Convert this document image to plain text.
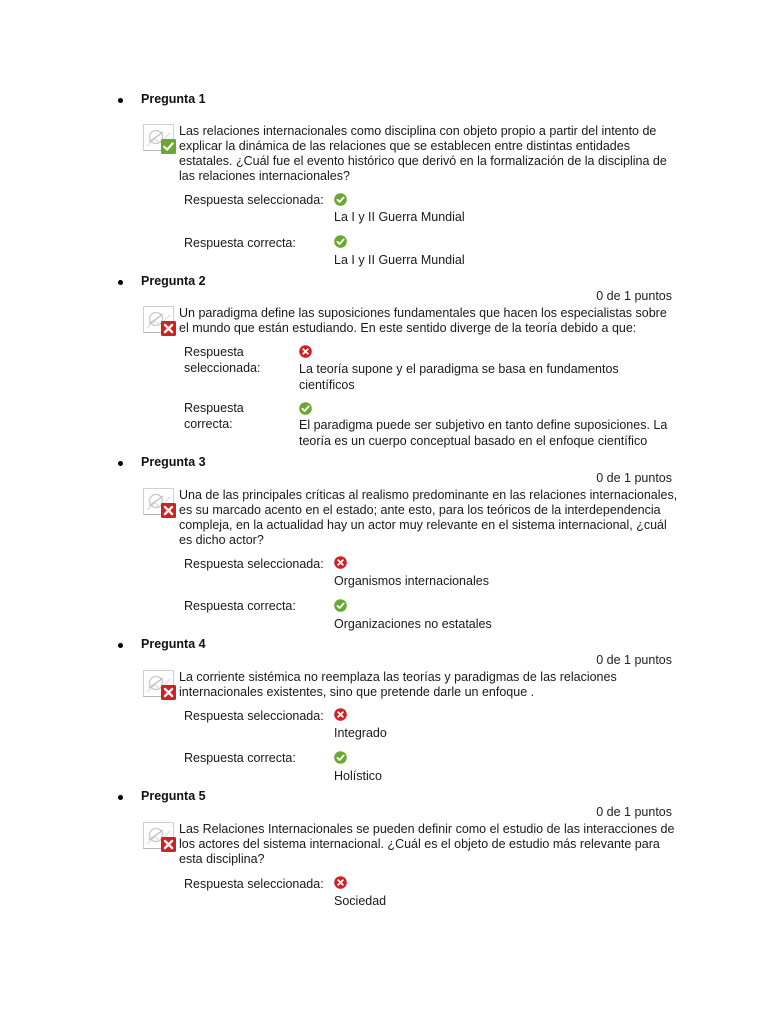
Pregunta 1
Las relaciones internacionales como disciplina con objeto propio a partir del intento de
explicar la dinámica de las relaciones que se establecen entre distintas entidades
estatales. ¿Cuál fue el evento histórico que derivó en la formalización de la disciplina de
las relaciones internacionales?
Respuesta seleccionada:
La I y II Guerra Mundial
Respuesta correcta:
La I y II Guerra Mundial
Pregunta 2
0 de 1 puntos
Un paradigma define las suposiciones fundamentales que hacen los especialistas sobre
el mundo que están estudiando. En este sentido diverge de la teoría debido a que:
Respuesta
seleccionada:	La teoría supone y el paradigma se basa en fundamentos
científicos
Respuesta
correcta:	El paradigma puede ser subjetivo en tanto define suposiciones. La
teoría es un cuerpo conceptual basado en el enfoque científico
Pregunta 3
0 de 1 puntos
Una de las principales críticas al realismo predominante en las relaciones internacionales,
es su marcado acento en el estado; ante esto, para los teóricos de la interdependencia
compleja, en la actualidad hay un actor muy relevante en el sistema internacional, ¿cuál
es dicho actor?
Respuesta seleccionada:
Organismos internacionales
Respuesta correcta:
Organizaciones no estatales
Pregunta 4
0 de 1 puntos
La corriente sistémica no reemplaza las teorías y paradigmas de las relaciones
internacionales existentes, sino que pretende darle un enfoque .
Respuesta seleccionada:
Integrado
Respuesta correcta:
Holístico
Pregunta 5
0 de 1 puntos
Las Relaciones Internacionales se pueden definir como el estudio de las interacciones de
los actores del sistema internacional. ¿Cuál es el objeto de estudio más relevante para
esta disciplina?
Respuesta seleccionada:
Sociedad
